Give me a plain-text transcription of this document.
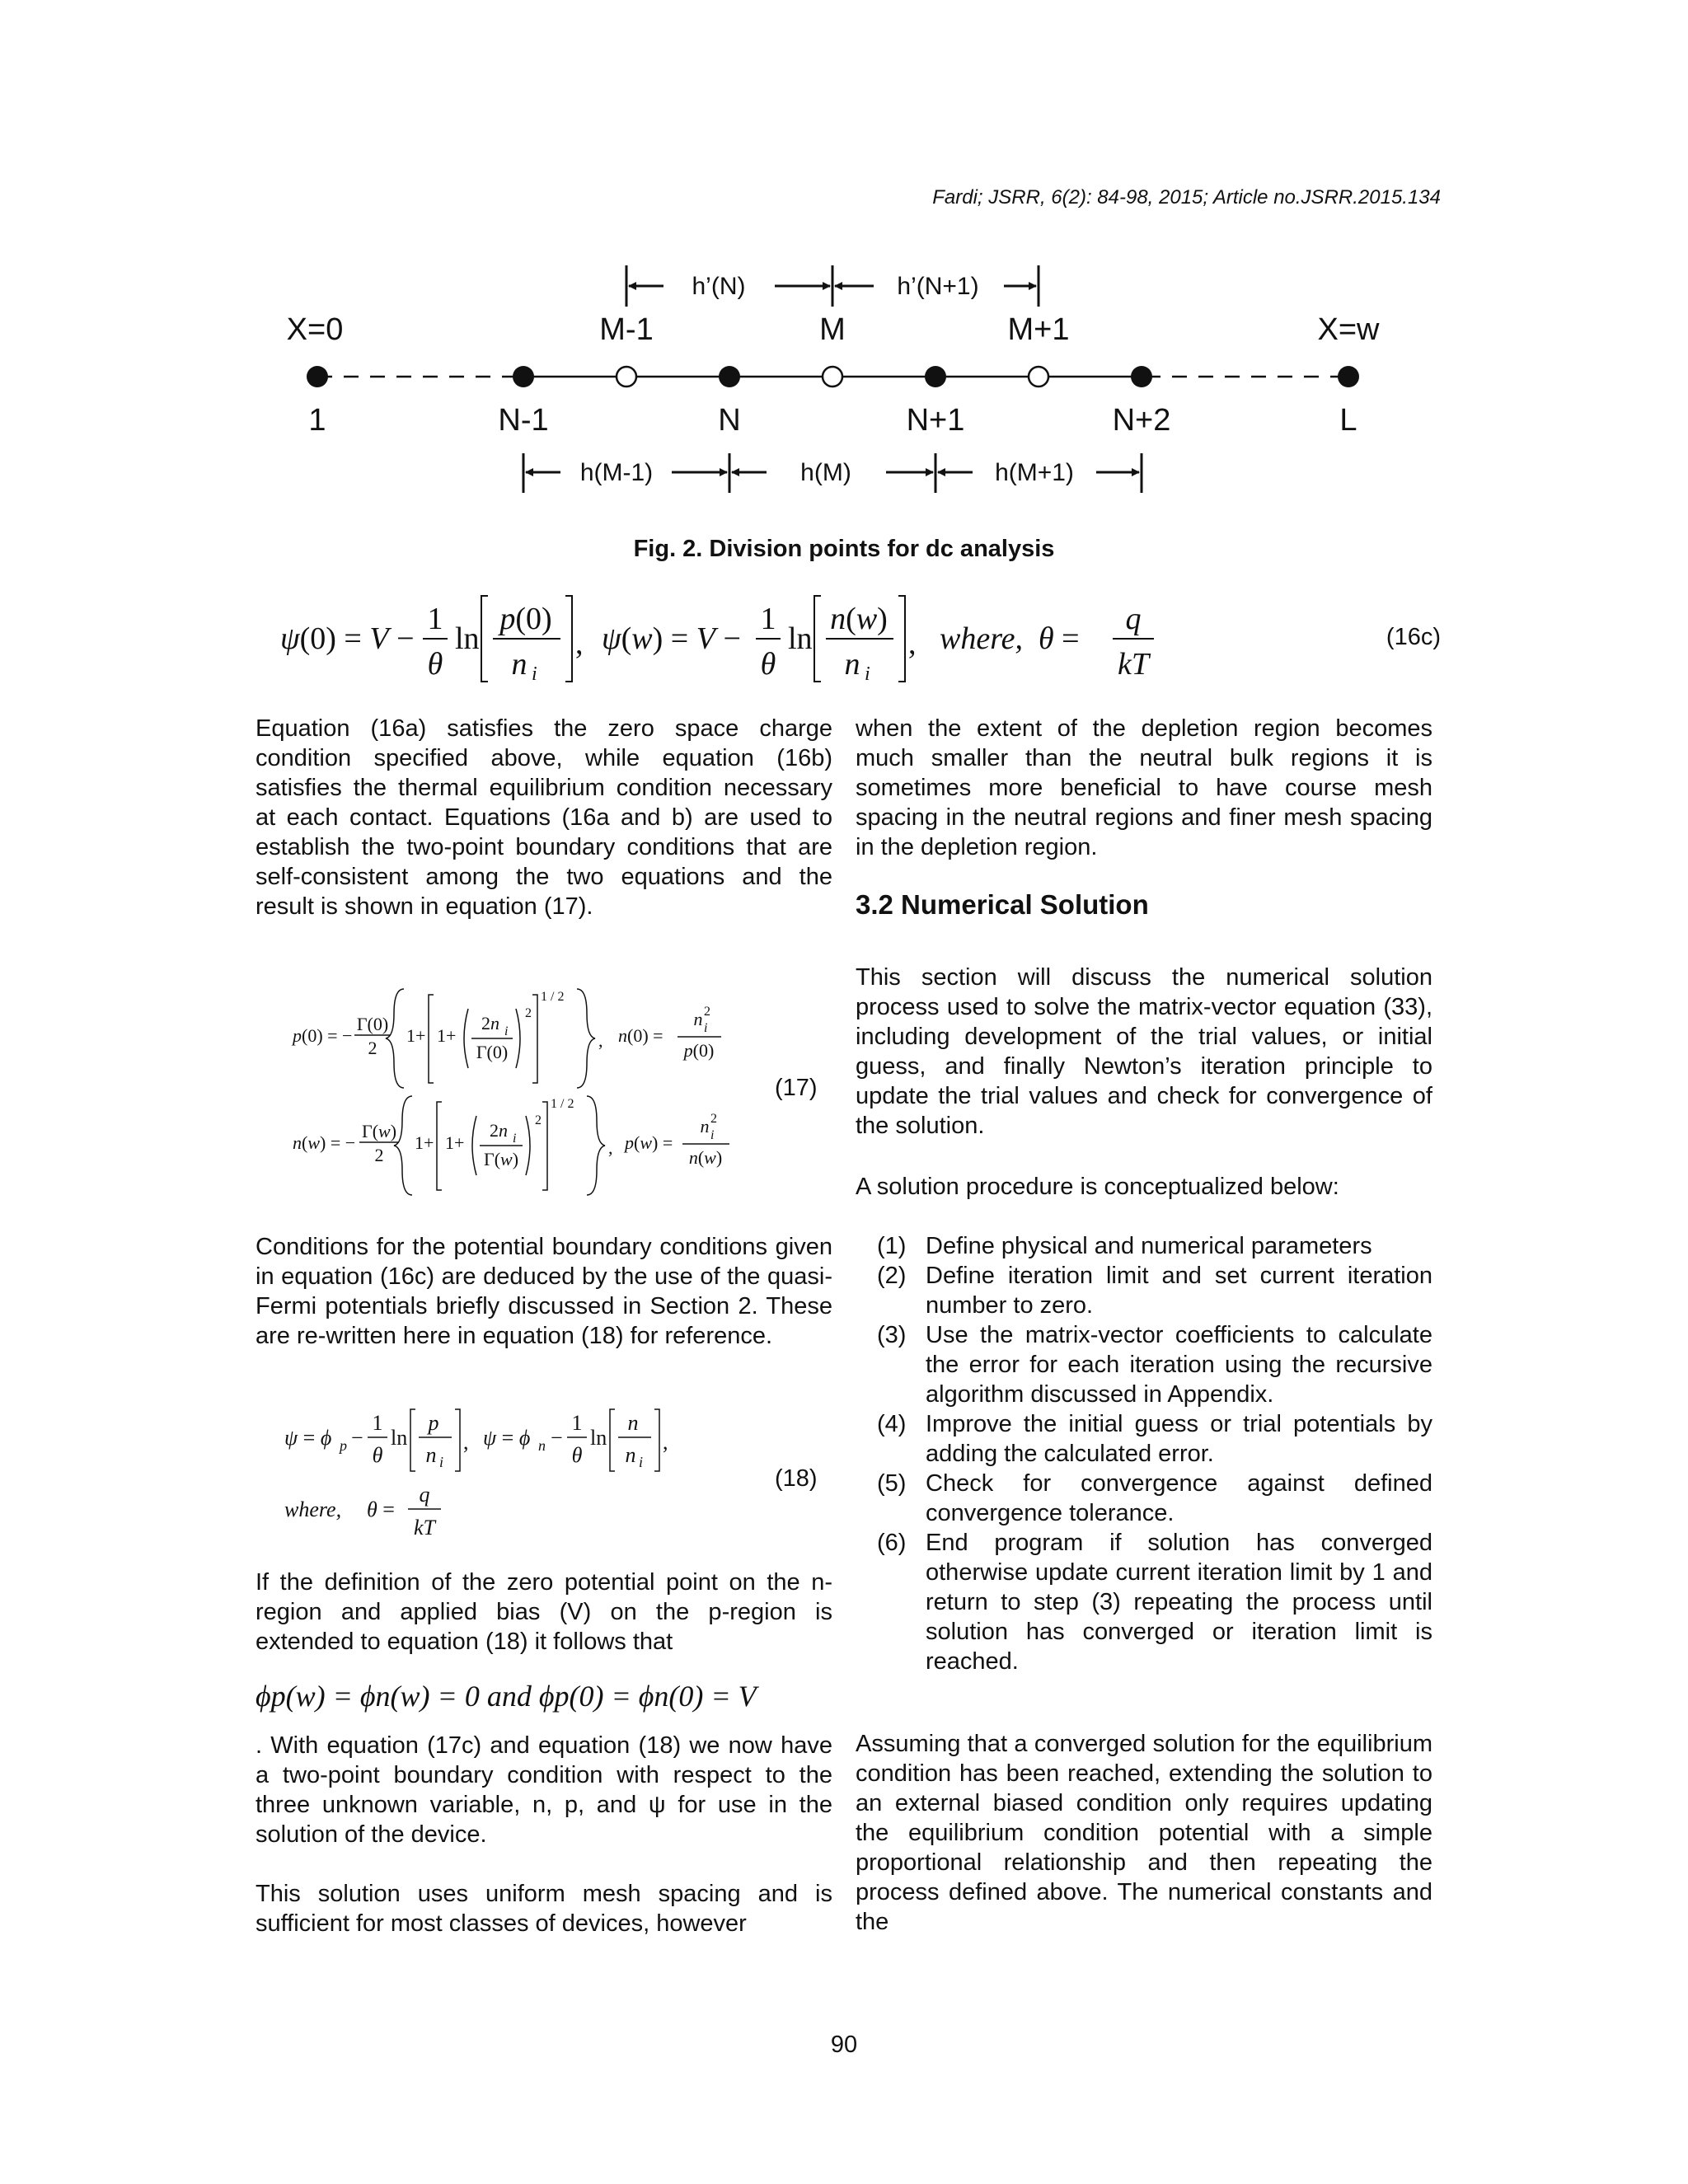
Fardi; JSRR, 6(2): 84-98, 2015; Article no.JSRR.2015.134
h’(N)	h’(N+1)
X=0	M-1	M	M+1	X=w
1	N-1	N	N+1	N+2	L
h(M-1)	h(M)	h(M+1)
Fig. 2. Division points for dc analysis
ψ(0) = V −
1
θ
ln
p(0)
n i
, ψ(w) = V −
1
θ
ln
n(w)
n i
, where, θ =
q
kT
(16c)

Equation (16a) satisfies the zero space charge condition specified above, while equation (16b) satisfies the thermal equilibrium condition necessary at each contact. Equations (16a and b) are used to establish the two-point boundary conditions that are self-consistent among the two equations and the result is shown in equation (17).

p(0) = −
Γ(0)
2
1+ 1+
2n i
Γ(0)
2
1 / 2
, n(0) =
n 2
i
p(0)
n(w) = −
Γ(w)
2
1+ 1+
2n i
Γ(w)
2
1 / 2
, p(w) =
n 2
i
n(w)
(17)

Conditions for the potential boundary conditions given in equation (16c) are deduced by the use of the quasi-Fermi potentials briefly discussed in Section 2. These are re-written here in equation (18) for reference.

ψ = ϕ p −
1
θ
ln
p
n i
, ψ = ϕ n −
1
θ
ln
n
n i
,
where, θ =
q
kT
(18)

If the definition of the zero potential point on the n-region and applied bias (V) on the p-region is extended to equation (18) it follows that

ϕp(w) = ϕn(w) = 0 and ϕp(0) = ϕn(0) = V

. With equation (17c) and equation (18) we now have a two-point boundary condition with respect to the three unknown variable, n, p, and ψ for use in the solution of the device.

This solution uses uniform mesh spacing and is sufficient for most classes of devices, however

when the extent of the depletion region becomes much smaller than the neutral bulk regions it is sometimes more beneficial to have course mesh spacing in the neutral regions and finer mesh spacing in the depletion region.

3.2 Numerical Solution

This section will discuss the numerical solution process used to solve the matrix-vector equation (33), including development of the trial values, or initial guess, and finally Newton’s iteration principle to update the trial values and check for convergence of the solution.

A solution procedure is conceptualized below:

(1) Define physical and numerical parameters
(2) Define iteration limit and set current iteration number to zero.
(3) Use the matrix-vector coefficients to calculate the error for each iteration using the recursive algorithm discussed in Appendix.
(4) Improve the initial guess or trial potentials by adding the calculated error.
(5) Check for convergence against defined convergence tolerance.
(6) End program if solution has converged otherwise update current iteration limit by 1 and return to step (3) repeating the process until solution has converged or iteration limit is reached.

Assuming that a converged solution for the equilibrium condition has been reached, extending the solution to an external biased condition only requires updating the equilibrium condition potential with a simple proportional relationship and then repeating the process defined above. The numerical constants and the

90
